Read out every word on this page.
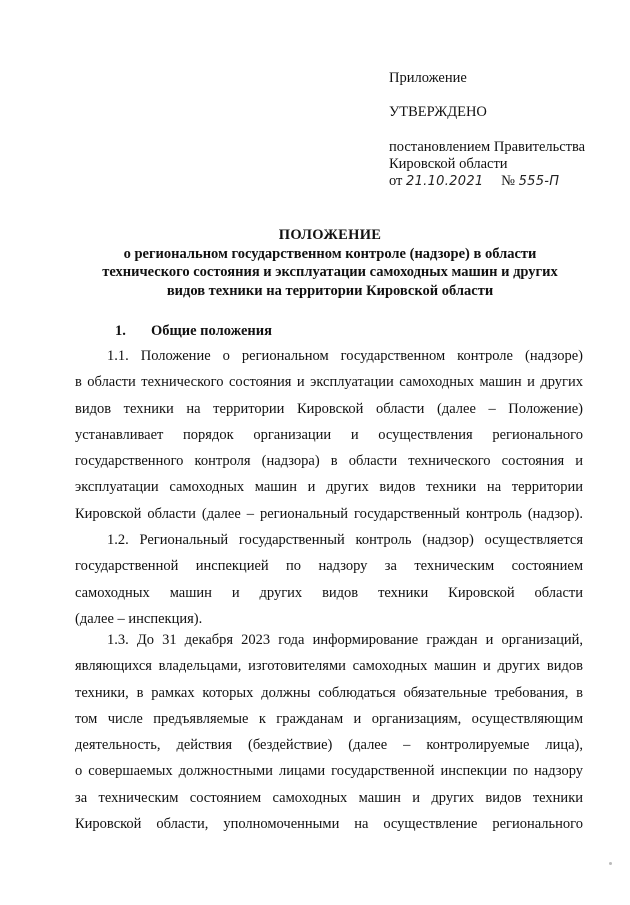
Приложение
УТВЕРЖДЕНО
постановлением Правительства
Кировской области
от 21.10.2021 № 555-П
ПОЛОЖЕНИЕ
о региональном государственном контроле (надзоре) в области
технического состояния и эксплуатации самоходных машин и других
видов техники на территории Кировской области
1. Общие положения
1.1. Положение о региональном государственном контроле (надзоре)
в области технического состояния и эксплуатации самоходных машин и других
видов техники на территории Кировской области (далее – Положение)
устанавливает порядок организации и осуществления регионального
государственного контроля (надзора) в области технического состояния и
эксплуатации самоходных машин и других видов техники на территории
Кировской области (далее – региональный государственный контроль (надзор).
1.2. Региональный государственный контроль (надзор) осуществляется
государственной инспекцией по надзору за техническим состоянием
самоходных машин и других видов техники Кировской области
(далее – инспекция).
1.3. До 31 декабря 2023 года информирование граждан и организаций,
являющихся владельцами, изготовителями самоходных машин и других видов
техники, в рамках которых должны соблюдаться обязательные требования, в
том числе предъявляемые к гражданам и организациям, осуществляющим
деятельность, действия (бездействие) (далее – контролируемые лица),
о совершаемых должностными лицами государственной инспекции по надзору
за техническим состоянием самоходных машин и других видов техники
Кировской области, уполномоченными на осуществление регионального
